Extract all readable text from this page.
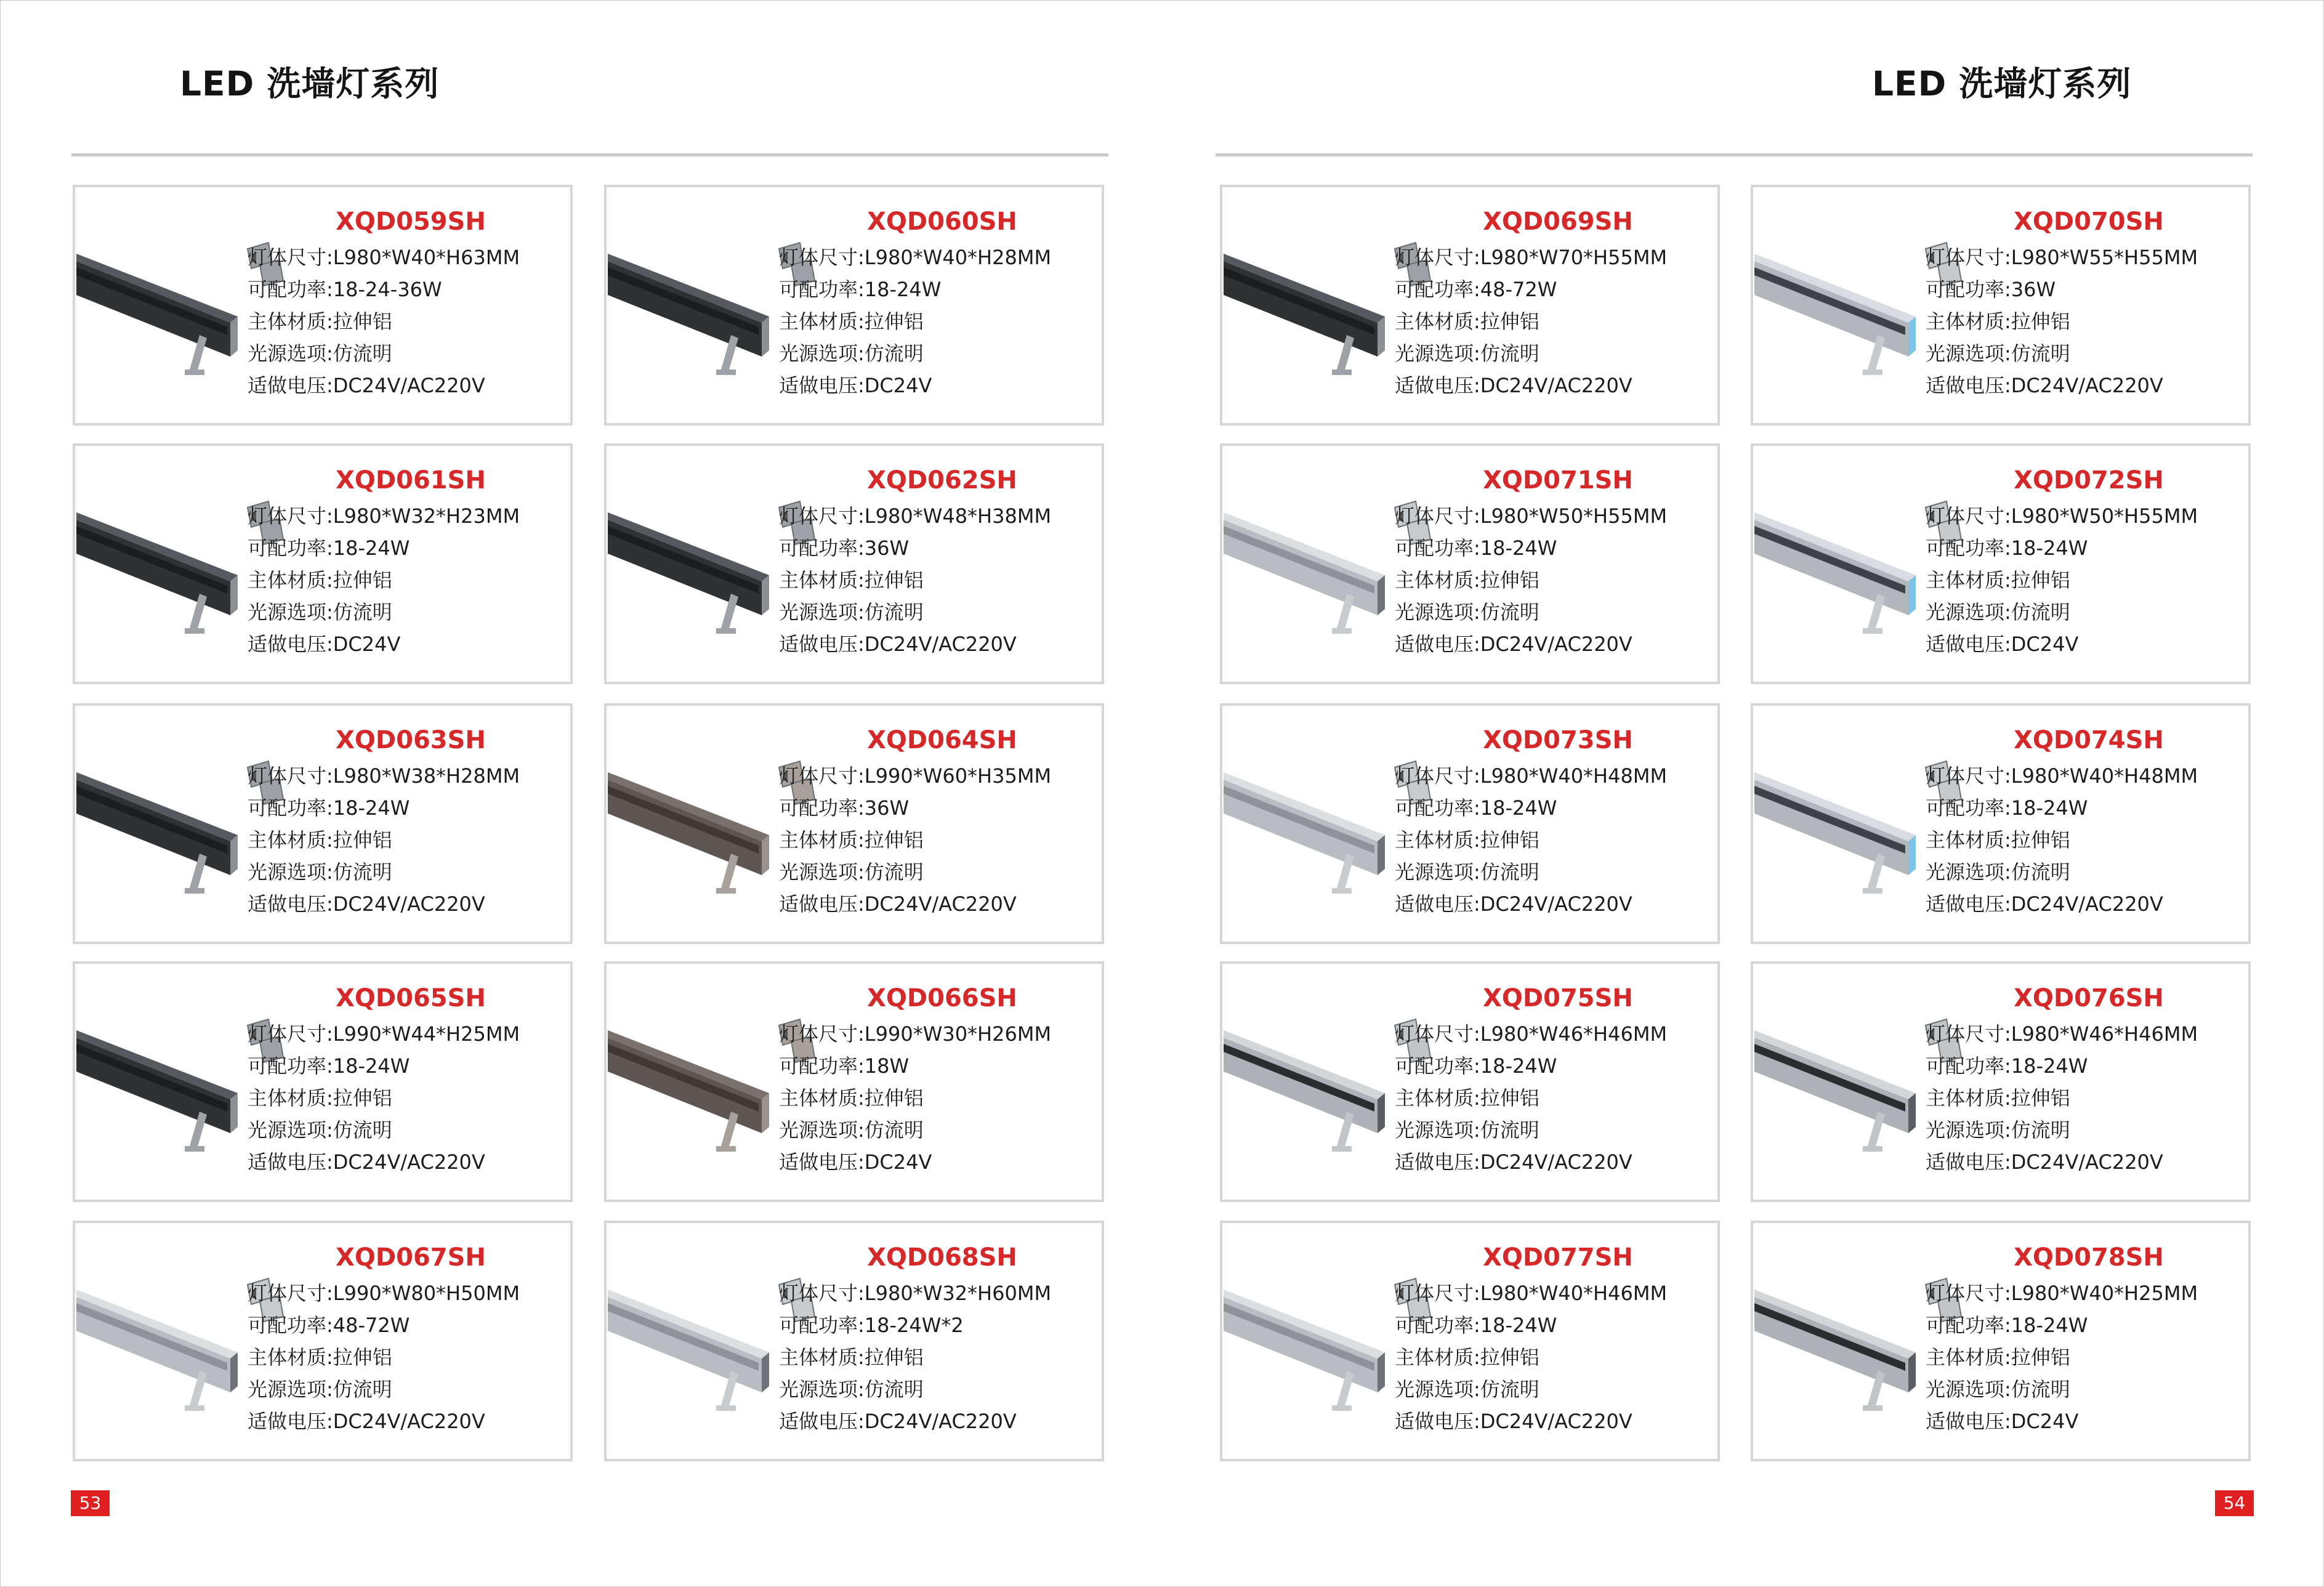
LED 洗墙灯系列	LED 洗墙灯系列
XQD059SH
灯体尺寸:L980*W40*H63MM
可配功率:18-24-36W
主体材质:拉伸铝
光源选项:仿流明
适做电压:DC24V/AC220V
XQD060SH
灯体尺寸:L980*W40*H28MM
可配功率:18-24W
主体材质:拉伸铝
光源选项:仿流明
适做电压:DC24V
XQD061SH
灯体尺寸:L980*W32*H23MM
可配功率:18-24W
主体材质:拉伸铝
光源选项:仿流明
适做电压:DC24V
XQD062SH
灯体尺寸:L980*W48*H38MM
可配功率:36W
主体材质:拉伸铝
光源选项:仿流明
适做电压:DC24V/AC220V
XQD063SH
灯体尺寸:L980*W38*H28MM
可配功率:18-24W
主体材质:拉伸铝
光源选项:仿流明
适做电压:DC24V/AC220V
XQD064SH
灯体尺寸:L990*W60*H35MM
可配功率:36W
主体材质:拉伸铝
光源选项:仿流明
适做电压:DC24V/AC220V
XQD065SH
灯体尺寸:L990*W44*H25MM
可配功率:18-24W
主体材质:拉伸铝
光源选项:仿流明
适做电压:DC24V/AC220V
XQD066SH
灯体尺寸:L990*W30*H26MM
可配功率:18W
主体材质:拉伸铝
光源选项:仿流明
适做电压:DC24V
XQD067SH
灯体尺寸:L990*W80*H50MM
可配功率:48-72W
主体材质:拉伸铝
光源选项:仿流明
适做电压:DC24V/AC220V
XQD068SH
灯体尺寸:L980*W32*H60MM
可配功率:18-24W*2
主体材质:拉伸铝
光源选项:仿流明
适做电压:DC24V/AC220V
XQD069SH
灯体尺寸:L980*W70*H55MM
可配功率:48-72W
主体材质:拉伸铝
光源选项:仿流明
适做电压:DC24V/AC220V
XQD070SH
灯体尺寸:L980*W55*H55MM
可配功率:36W
主体材质:拉伸铝
光源选项:仿流明
适做电压:DC24V/AC220V
XQD071SH
灯体尺寸:L980*W50*H55MM
可配功率:18-24W
主体材质:拉伸铝
光源选项:仿流明
适做电压:DC24V/AC220V
XQD072SH
灯体尺寸:L980*W50*H55MM
可配功率:18-24W
主体材质:拉伸铝
光源选项:仿流明
适做电压:DC24V
XQD073SH
灯体尺寸:L980*W40*H48MM
可配功率:18-24W
主体材质:拉伸铝
光源选项:仿流明
适做电压:DC24V/AC220V
XQD074SH
灯体尺寸:L980*W40*H48MM
可配功率:18-24W
主体材质:拉伸铝
光源选项:仿流明
适做电压:DC24V/AC220V
XQD075SH
灯体尺寸:L980*W46*H46MM
可配功率:18-24W
主体材质:拉伸铝
光源选项:仿流明
适做电压:DC24V/AC220V
XQD076SH
灯体尺寸:L980*W46*H46MM
可配功率:18-24W
主体材质:拉伸铝
光源选项:仿流明
适做电压:DC24V/AC220V
XQD077SH
灯体尺寸:L980*W40*H46MM
可配功率:18-24W
主体材质:拉伸铝
光源选项:仿流明
适做电压:DC24V/AC220V
XQD078SH
灯体尺寸:L980*W40*H25MM
可配功率:18-24W
主体材质:拉伸铝
光源选项:仿流明
适做电压:DC24V
53	54
